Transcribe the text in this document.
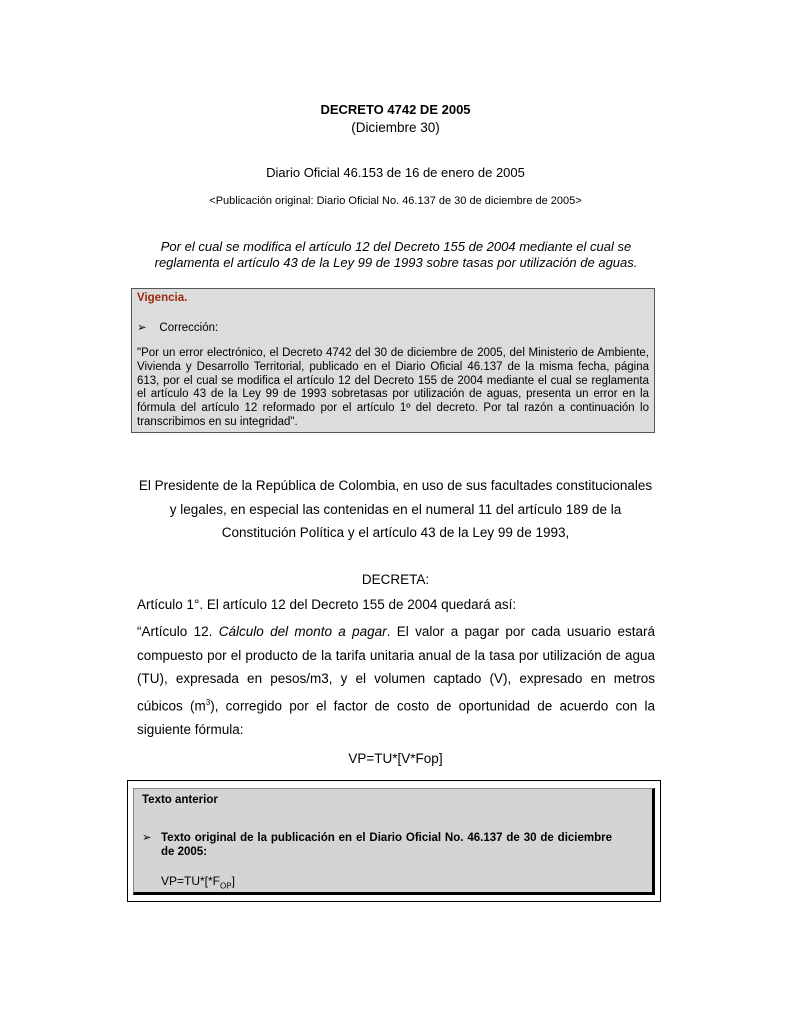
DECRETO 4742 DE 2005
(Diciembre 30)
Diario Oficial 46.153 de 16 de enero de 2005
<Publicación original: Diario Oficial No. 46.137 de 30 de diciembre de 2005>
Por el cual se modifica el artículo 12 del Decreto 155 de 2004 mediante el cual se reglamenta el artículo 43 de la Ley 99 de 1993 sobre tasas por utilización de aguas.
Vigencia.
➢ Corrección:
"Por un error electrónico, el Decreto 4742 del 30 de diciembre de 2005, del Ministerio de Ambiente, Vivienda y Desarrollo Territorial, publicado en el Diario Oficial 46.137 de la misma fecha, página 613, por el cual se modifica el artículo 12 del Decreto 155 de 2004 mediante el cual se reglamenta el artículo 43 de la Ley 99 de 1993 sobretasas por utilización de aguas, presenta un error en la fórmula del artículo 12 reformado por el artículo 1º del decreto. Por tal razón a continuación lo transcribimos en su integridad".
El Presidente de la República de Colombia, en uso de sus facultades constitucionales y legales, en especial las contenidas en el numeral 11 del artículo 189 de la Constitución Política y el artículo 43 de la Ley 99 de 1993,
DECRETA:
Artículo 1°. El artículo 12 del Decreto 155 de 2004 quedará así:
“Artículo 12. Cálculo del monto a pagar. El valor a pagar por cada usuario estará compuesto por el producto de la tarifa unitaria anual de la tasa por utilización de agua (TU), expresada en pesos/m3, y el volumen captado (V), expresado en metros cúbicos $(m^3)$, corregido por el factor de costo de oportunidad de acuerdo con la siguiente fórmula:
VP=TU*[V*Fop]
Texto anterior
➢ Texto original de la publicación en el Diario Oficial No. 46.137 de 30 de diciembre de 2005:
$VP=TU*[*F_{OP}]$
